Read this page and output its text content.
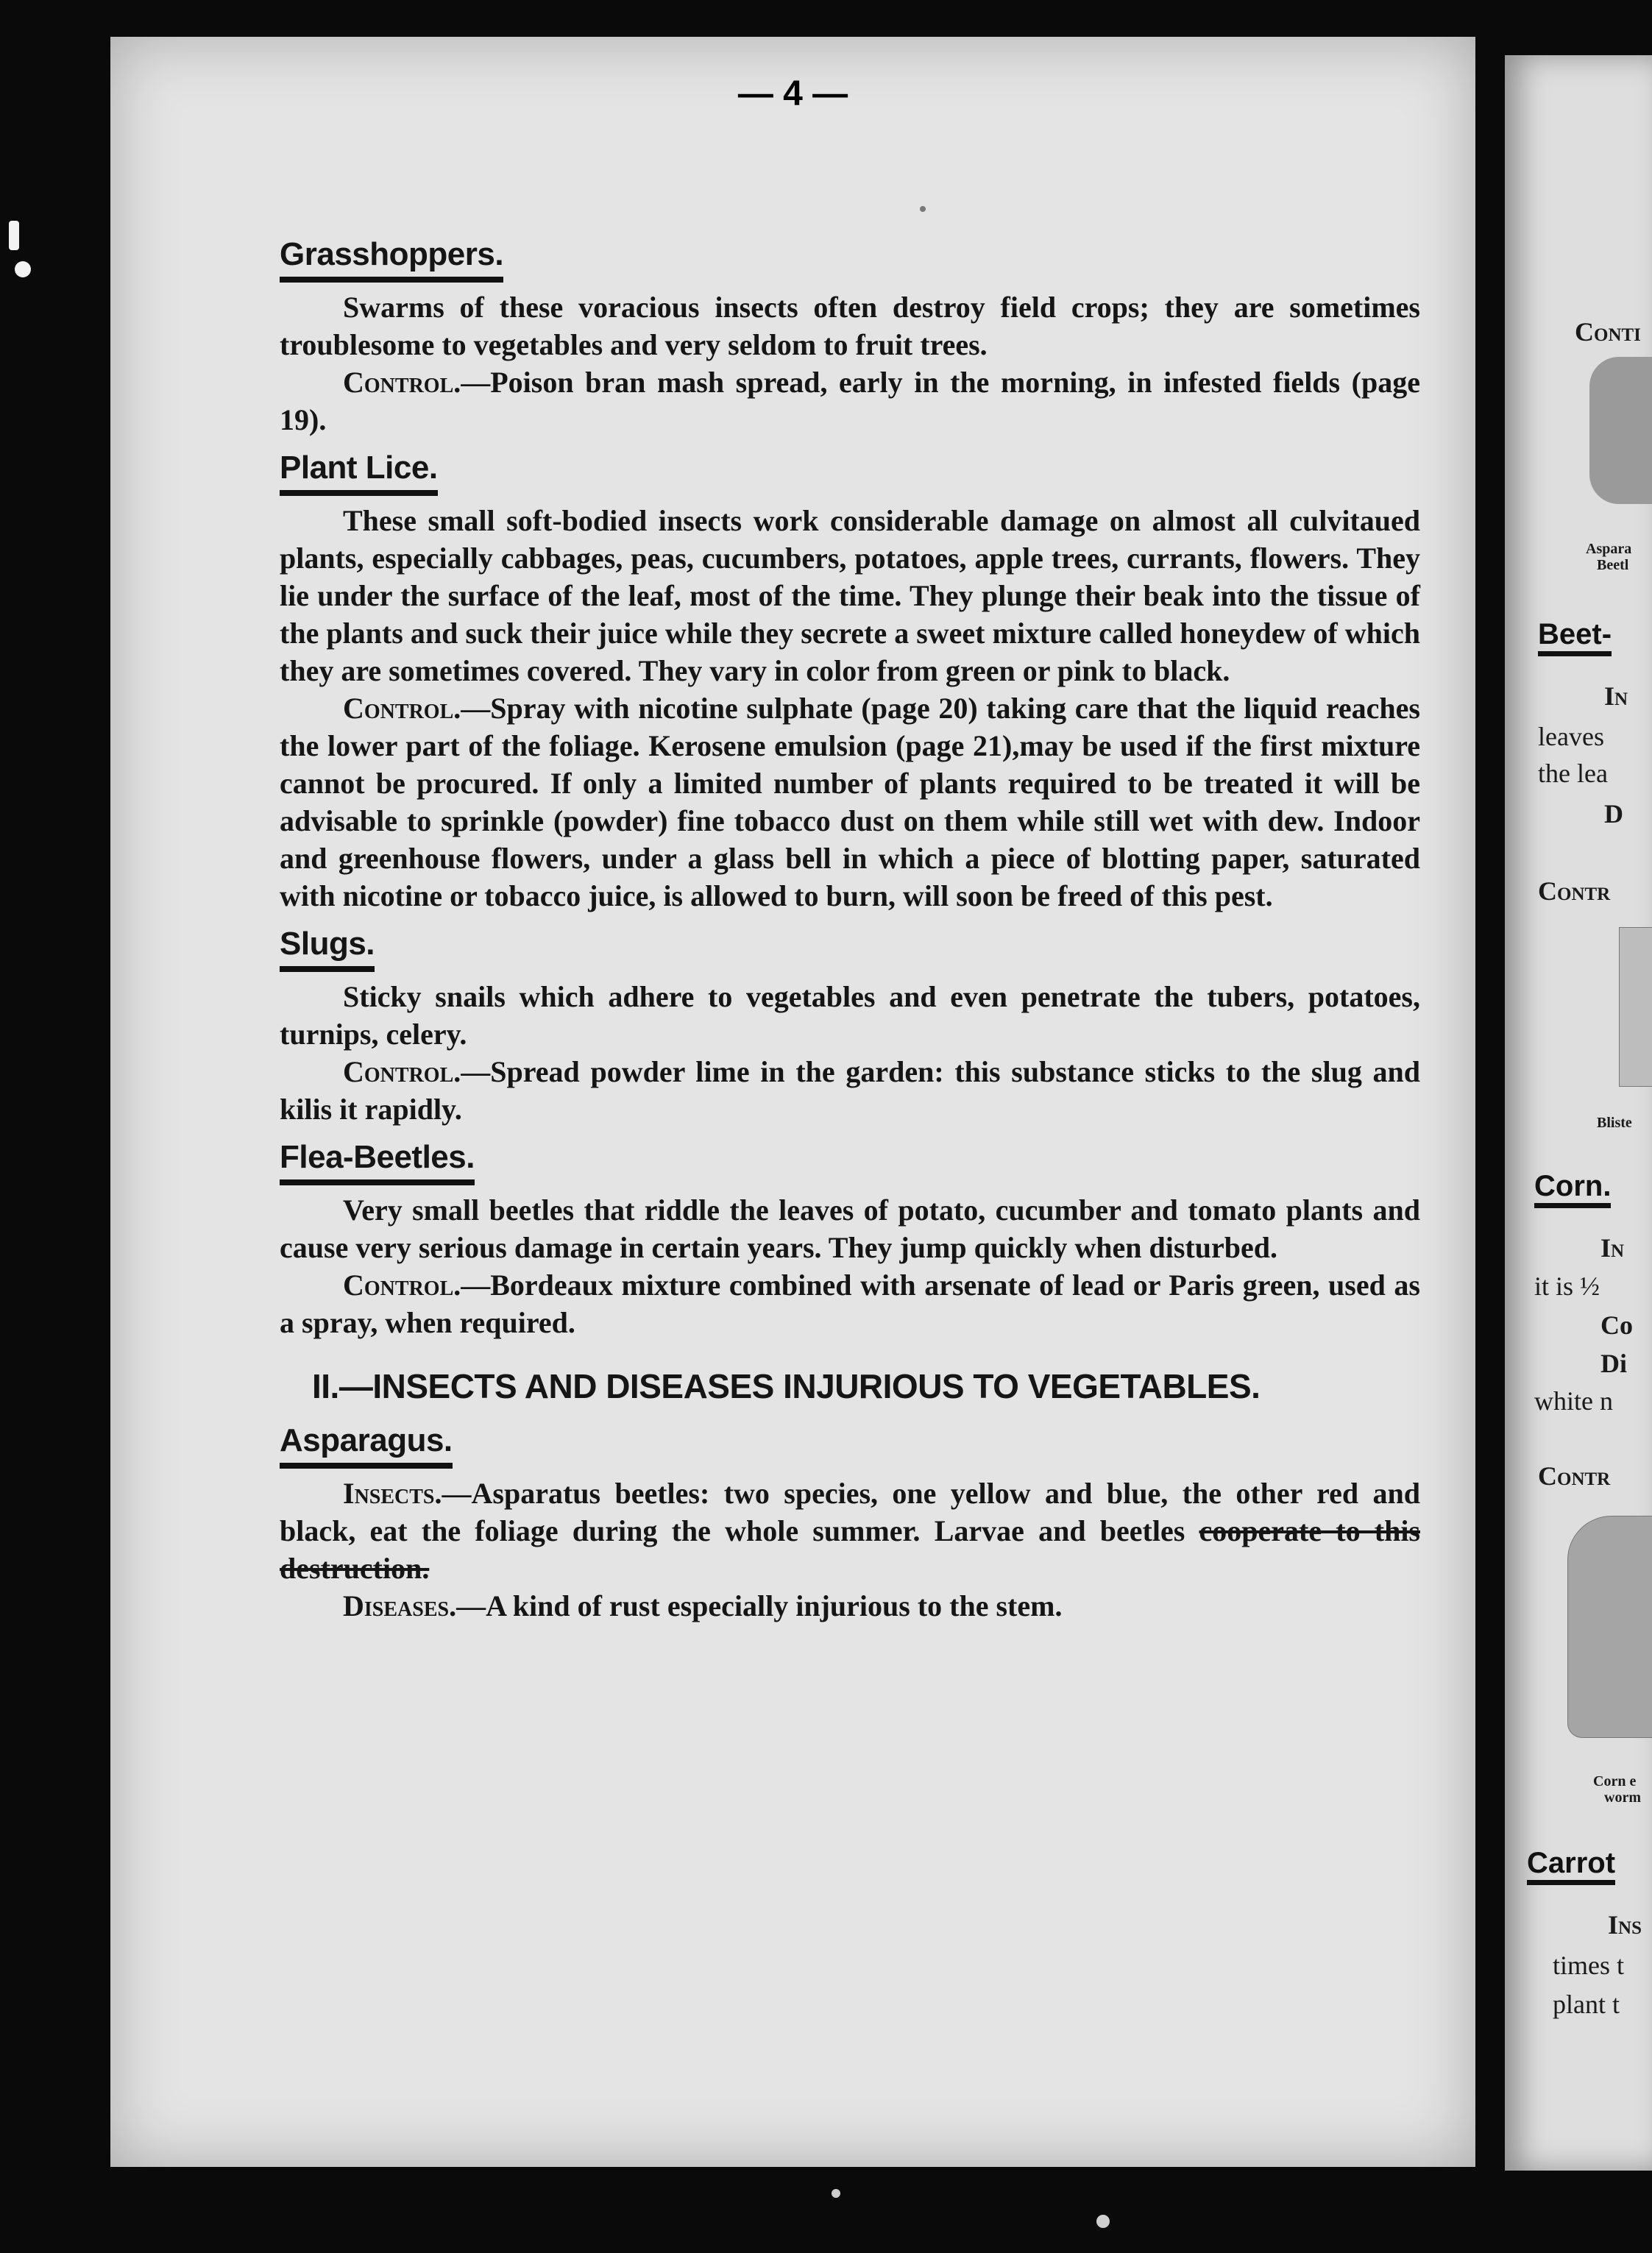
— 4 —
Grasshoppers.

Swarms of these voracious insects often destroy field crops; they are sometimes troublesome to vegetables and very seldom to fruit trees.

Control.—Poison bran mash spread, early in the morning, in infested fields (page 19).

Plant Lice.

These small soft-bodied insects work considerable damage on almost all culvitaued plants, especially cabbages, peas, cucumbers, potatoes, apple trees, currants, flowers. They lie under the surface of the leaf, most of the time. They plunge their beak into the tissue of the plants and suck their juice while they secrete a sweet mixture called honeydew of which they are sometimes covered. They vary in color from green or pink to black.

Control.—Spray with nicotine sulphate (page 20) taking care that the liquid reaches the lower part of the foliage. Kerosene emulsion (page 21),may be used if the first mixture cannot be procured. If only a limited number of plants required to be treated it will be advisable to sprinkle (powder) fine tobacco dust on them while still wet with dew. Indoor and greenhouse flowers, under a glass bell in which a piece of blotting paper, saturated with nicotine or tobacco juice, is allowed to burn, will soon be freed of this pest.

Slugs.

Sticky snails which adhere to vegetables and even penetrate the tubers, potatoes, turnips, celery.

Control.—Spread powder lime in the garden: this substance sticks to the slug and kilis it rapidly.

Flea-Beetles.

Very small beetles that riddle the leaves of potato, cucumber and tomato plants and cause very serious damage in certain years. They jump quickly when disturbed.

Control.—Bordeaux mixture combined with arsenate of lead or Paris green, used as a spray, when required.

II.—INSECTS AND DISEASES INJURIOUS TO VEGETABLES.
Asparagus.

Insects.—Asparatus beetles: two species, one yellow and blue, the other red and black, eat the foliage during the whole summer. Larvae and beetles cooperate to this destruction.

Diseases.—A kind of rust especially injurious to the stem.

Conti
Aspara
Beetl
Beet-
In
leaves
the lea
D
Contr
Bliste
Corn.
In
it is ½
Co
Di
white n
Contr
Corn e
worm
Carrot
Ins
times t
plant t
